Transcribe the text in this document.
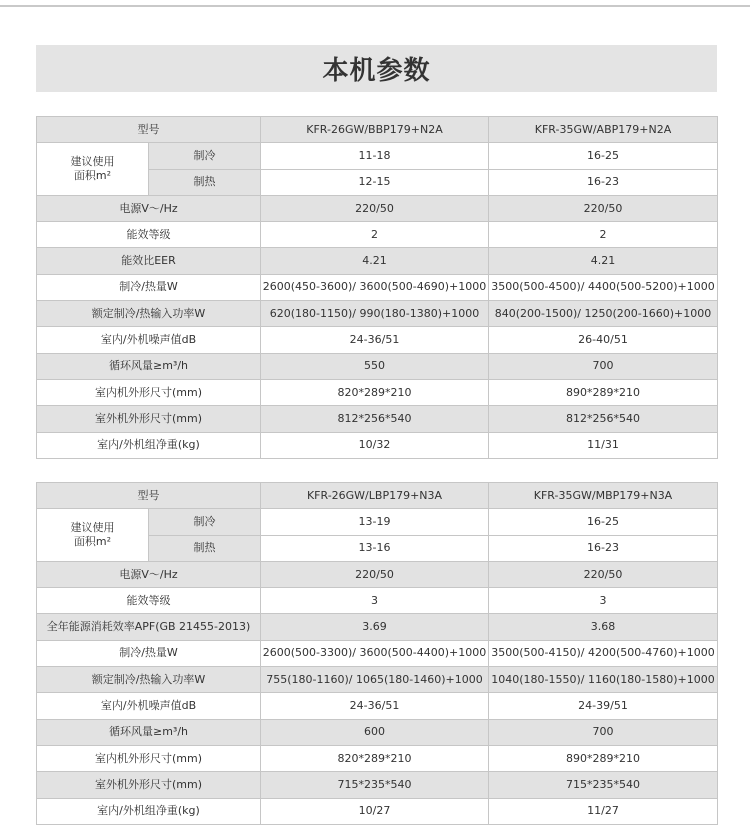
本机参数
型号		KFR-26GW/BBP179+N2A	KFR-35GW/ABP179+N2A
建议使用
面积m²	制冷	11-18	16-25
	制热	12-15	16-23
电源V～/Hz		220/50	220/50
能效等级		2	2
能效比EER		4.21	4.21
制冷/热量W		2600(450-3600)/ 3600(500-4690)+1000	3500(500-4500)/ 4400(500-5200)+1000
额定制冷/热输入功率W		620(180-1150)/ 990(180-1380)+1000	840(200-1500)/ 1250(200-1660)+1000
室内/外机噪声值dB		24-36/51	26-40/51
循环风量≥m³/h		550	700
室内机外形尺寸(mm)		820*289*210	890*289*210
室外机外形尺寸(mm)		812*256*540	812*256*540
室内/外机组净重(kg)		10/32	11/31
型号		KFR-26GW/LBP179+N3A	KFR-35GW/MBP179+N3A
建议使用
面积m²	制冷	13-19	16-25
	制热	13-16	16-23
电源V～/Hz		220/50	220/50
能效等级		3	3
全年能源消耗效率APF(GB 21455-2013)		3.69	3.68
制冷/热量W		2600(500-3300)/ 3600(500-4400)+1000	3500(500-4150)/ 4200(500-4760)+1000
额定制冷/热输入功率W		755(180-1160)/ 1065(180-1460)+1000	1040(180-1550)/ 1160(180-1580)+1000
室内/外机噪声值dB		24-36/51	24-39/51
循环风量≥m³/h		600	700
室内机外形尺寸(mm)		820*289*210	890*289*210
室外机外形尺寸(mm)		715*235*540	715*235*540
室内/外机组净重(kg)		10/27	11/27
